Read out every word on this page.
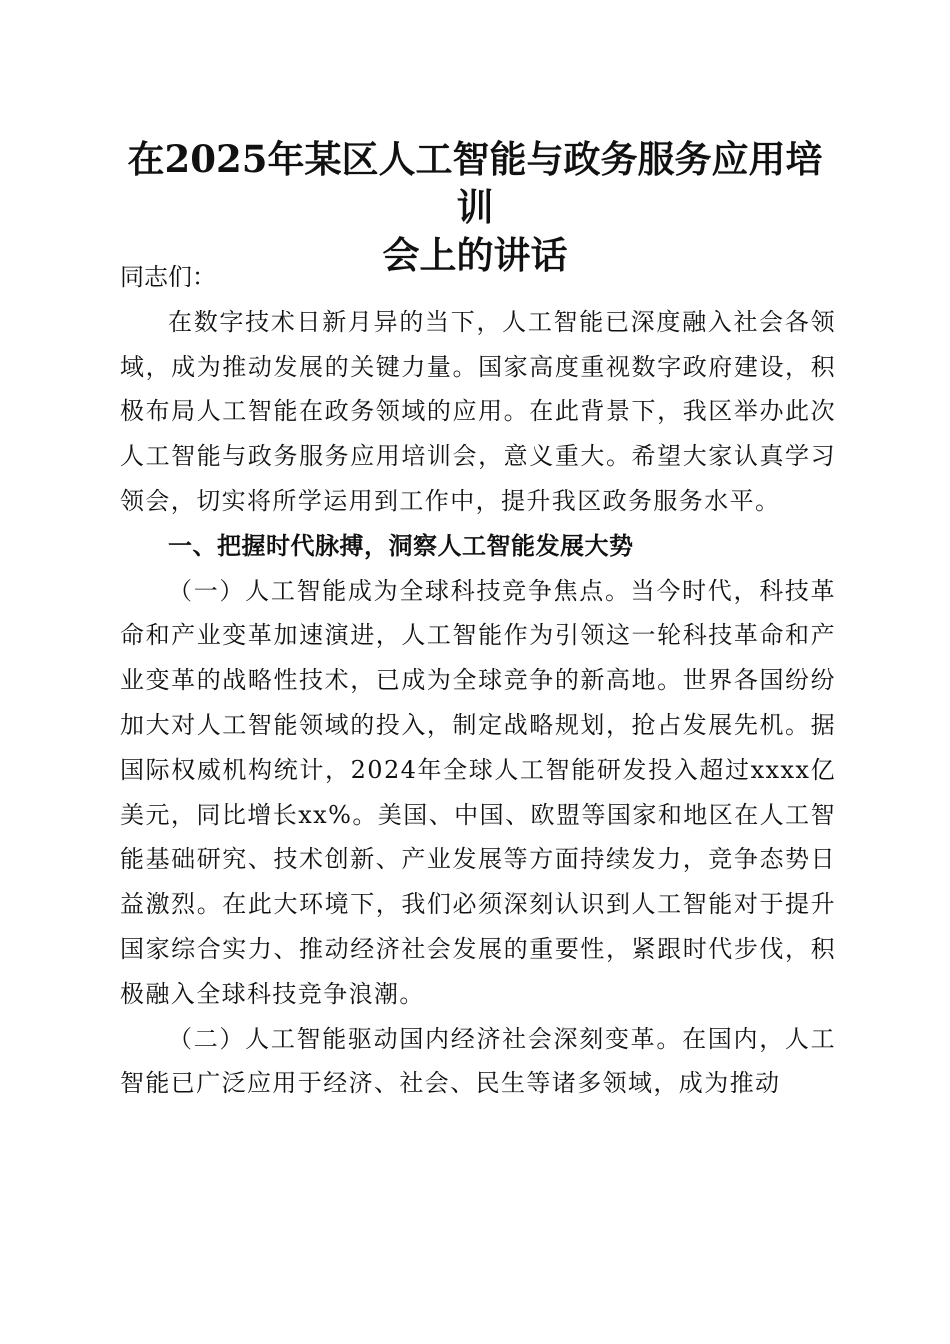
在2025年某区人工智能与政务服务应用培训
会上的讲话

同志们：

在数字技术日新月异的当下，人工智能已深度融入社会各领域，成为推动发展的关键力量。国家高度重视数字政府建设，积极布局人工智能在政务领域的应用。在此背景下，我区举办此次人工智能与政务服务应用培训会，意义重大。希望大家认真学习领会，切实将所学运用到工作中，提升我区政务服务水平。

一、把握时代脉搏，洞察人工智能发展大势

（一）人工智能成为全球科技竞争焦点。当今时代，科技革命和产业变革加速演进，人工智能作为引领这一轮科技革命和产业变革的战略性技术，已成为全球竞争的新高地。世界各国纷纷加大对人工智能领域的投入，制定战略规划，抢占发展先机。据国际权威机构统计，2024年全球人工智能研发投入超过xxxx亿美元，同比增长xx%。美国、中国、欧盟等国家和地区在人工智能基础研究、技术创新、产业发展等方面持续发力，竞争态势日益激烈。在此大环境下，我们必须深刻认识到人工智能对于提升国家综合实力、推动经济社会发展的重要性，紧跟时代步伐，积极融入全球科技竞争浪潮。

（二）人工智能驱动国内经济社会深刻变革。在国内，人工智能已广泛应用于经济、社会、民生等诸多领域，成为推动
